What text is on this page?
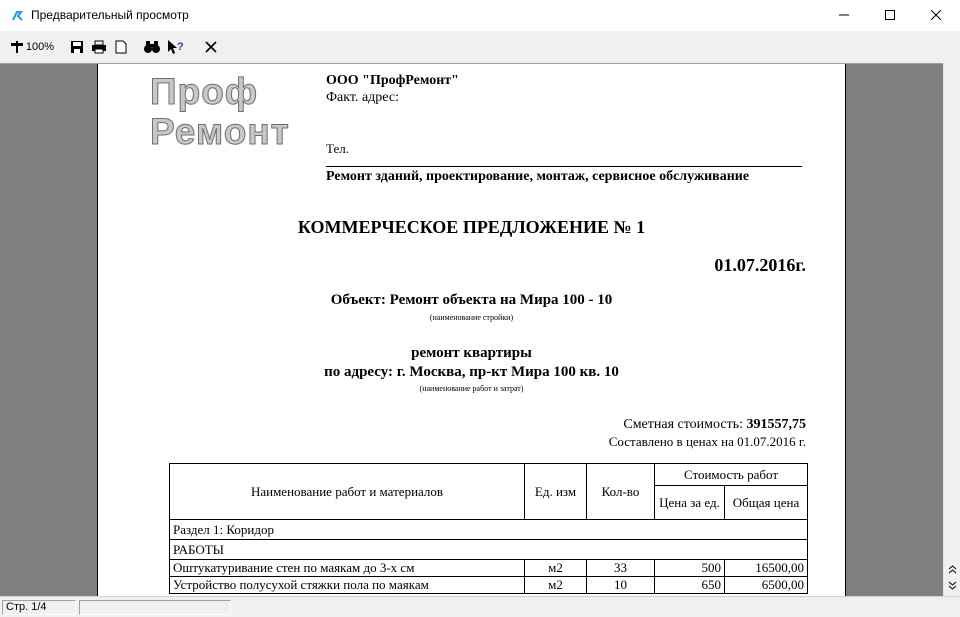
Предварительный просмотр
100%	?
Проф
Ремонт
ООО "ПрофРемонт"
Факт. адрес:
Тел.
Ремонт зданий, проектирование, монтаж, сервисное обслуживание
КОММЕРЧЕСКОЕ ПРЕДЛОЖЕНИЕ № 1
01.07.2016г.
Объект: Ремонт объекта на Мира 100 - 10
(наименование стройки)
ремонт квартиры
по адресу: г. Москва, пр-кт Мира 100 кв. 10
(наименование работ и затрат)
Сметная стоимость: 391557,75
Составлено в ценах на 01.07.2016 г.
Наименование работ и материалов	Ед. изм	Кол-во	Стоимость работ	
			Цена за ед.	Общая цена
Раздел 1: Коридор				
РАБОТЫ				
Оштукатуривание стен по маякам до 3-х см	м2	33	500	16500,00
Устройство полусухой стяжки пола по маякам	м2	10	650	6500,00
Стр. 1/4
